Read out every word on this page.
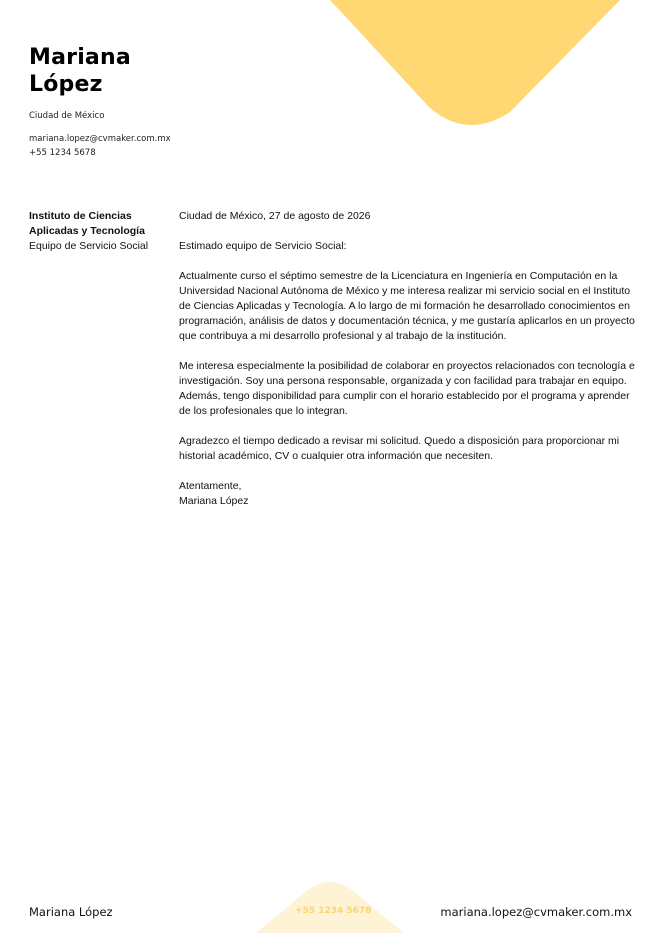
Mariana
López
Ciudad de México
mariana.lopez@cvmaker.com.mx
+55 1234 5678
Instituto de Ciencias Aplicadas y Tecnología
Equipo de Servicio Social

Ciudad de México, 27 de agosto de 2026

Estimado equipo de Servicio Social:

Actualmente curso el séptimo semestre de la Licenciatura en Ingeniería en Computación en la Universidad Nacional Autónoma de México y me interesa realizar mi servicio social en el Instituto de Ciencias Aplicadas y Tecnología. A lo largo de mi formación he desarrollado conocimientos en programación, análisis de datos y documentación técnica, y me gustaría aplicarlos en un proyecto que contribuya a mi desarrollo profesional y al trabajo de la institución.

Me interesa especialmente la posibilidad de colaborar en proyectos relacionados con tecnología e investigación. Soy una persona responsable, organizada y con facilidad para trabajar en equipo. Además, tengo disponibilidad para cumplir con el horario establecido por el programa y aprender de los profesionales que lo integran.

Agradezco el tiempo dedicado a revisar mi solicitud. Quedo a disposición para proporcionar mi historial académico, CV o cualquier otra información que necesiten.

Atentamente,
Mariana López
Mariana López	+55 1234 5678	mariana.lopez@cvmaker.com.mx
